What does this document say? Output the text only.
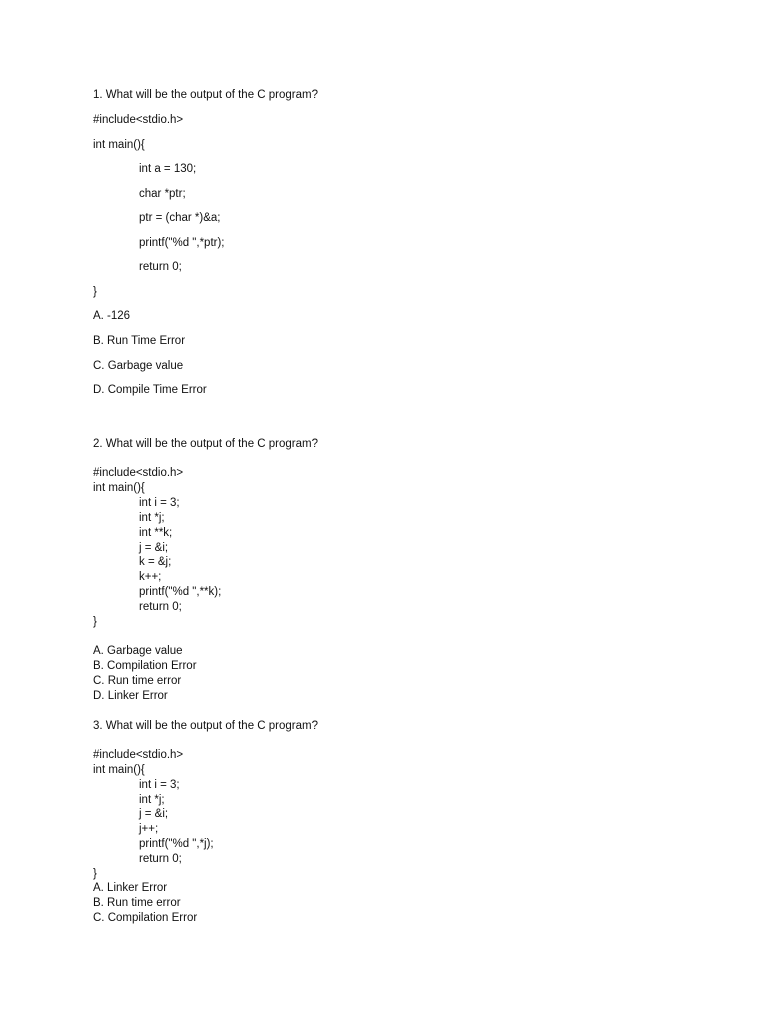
1. What will be the output of the C program?
#include<stdio.h>
int main(){
int a = 130;
char *ptr;
ptr = (char *)&a;
printf("%d ",*ptr);
return 0;
}
A. -126
B. Run Time Error
C. Garbage value
D. Compile Time Error
2. What will be the output of the C program?
#include<stdio.h>
int main(){
int i = 3;
int *j;
int **k;
j = &i;
k = &j;
k++;
printf("%d ",**k);
return 0;
}
A. Garbage value
B. Compilation Error
C. Run time error
D. Linker Error
3. What will be the output of the C program?
#include<stdio.h>
int main(){
int i = 3;
int *j;
j = &i;
j++;
printf("%d ",*j);
return 0;
}
A. Linker Error
B. Run time error
C. Compilation Error
